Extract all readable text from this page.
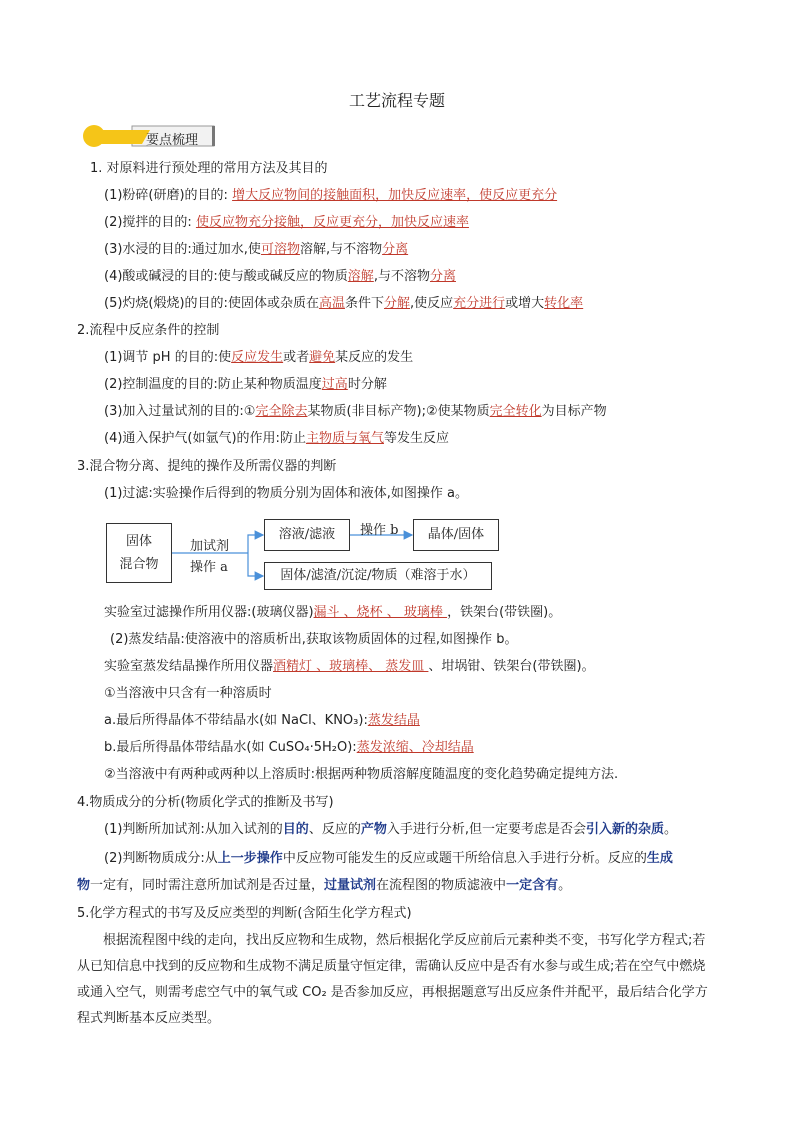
工艺流程专题
要点梳理
1. 对原料进行预处理的常用方法及其目的
(1)粉碎(研磨)的目的: 增大反应物间的接触面积，加快反应速率，使反应更充分
(2)搅拌的目的: 使反应物充分接触，反应更充分，加快反应速率
(3)水浸的目的:通过加水,使可溶物溶解,与不溶物分离
(4)酸或碱浸的目的:使与酸或碱反应的物质溶解,与不溶物分离
(5)灼烧(煅烧)的目的:使固体或杂质在高温条件下分解,使反应充分进行或增大转化率
2.流程中反应条件的控制
(1)调节 pH 的目的:使反应发生或者避免某反应的发生
(2)控制温度的目的:防止某种物质温度过高时分解
(3)加入过量试剂的目的:①完全除去某物质(非目标产物);②使某物质完全转化为目标产物
(4)通入保护气(如氩气)的作用:防止主物质与氧气等发生反应
3.混合物分离、提纯的操作及所需仪器的判断
(1)过滤:实验操作后得到的物质分别为固体和液体,如图操作 a。
固体
混合物
加试剂
操作 a
溶液/滤液	操作 b	晶体/固体
固体/滤渣/沉淀/物质（难溶于水）
实验室过滤操作所用仪器:(玻璃仪器)漏斗 、烧杯 、 玻璃棒 ，铁架台(带铁圈)。
(2)蒸发结晶:使溶液中的溶质析出,获取该物质固体的过程,如图操作 b。
实验室蒸发结晶操作所用仪器酒精灯 、玻璃棒、 蒸发皿 、坩埚钳、铁架台(带铁圈)。
①当溶液中只含有一种溶质时
a.最后所得晶体不带结晶水(如 NaCl、KNO₃):蒸发结晶
b.最后所得晶体带结晶水(如 CuSO₄·5H₂O):蒸发浓缩、冷却结晶
②当溶液中有两种或两种以上溶质时:根据两种物质溶解度随温度的变化趋势确定提纯方法.
4.物质成分的分析(物质化学式的推断及书写)
(1)判断所加试剂:从加入试剂的目的、反应的产物入手进行分析,但一定要考虑是否会引入新的杂质。
(2)判断物质成分:从上一步操作中反应物可能发生的反应或题干所给信息入手进行分析。反应的生成
物一定有，同时需注意所加试剂是否过量，过量试剂在流程图的物质滤液中一定含有。
5.化学方程式的书写及反应类型的判断(含陌生化学方程式)
根据流程图中线的走向，找出反应物和生成物，然后根据化学反应前后元素种类不变，书写化学方程式;若从已知信息中找到的反应物和生成物不满足质量守恒定律，需确认反应中是否有水参与或生成;若在空气中燃烧或通入空气，则需考虑空气中的氧气或 CO₂ 是否参加反应，再根据题意写出反应条件并配平，最后结合化学方程式判断基本反应类型。
